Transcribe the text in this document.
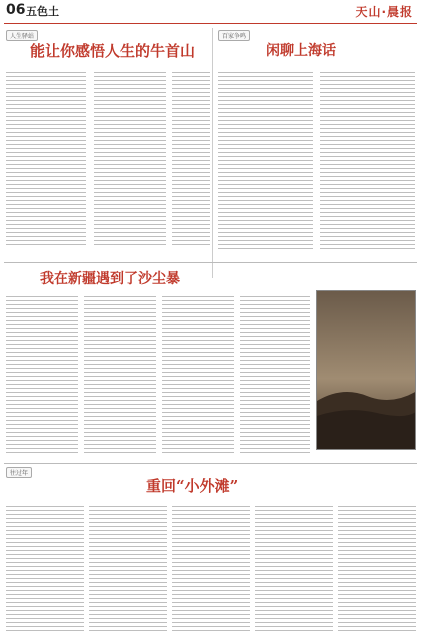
06 五色土	天山·晨报
人生驿站
能让你感悟人生的牛首山
百家争鸣
闲聊上海话
我在新疆遇到了沙尘暴
往过年
重回“小外滩”
